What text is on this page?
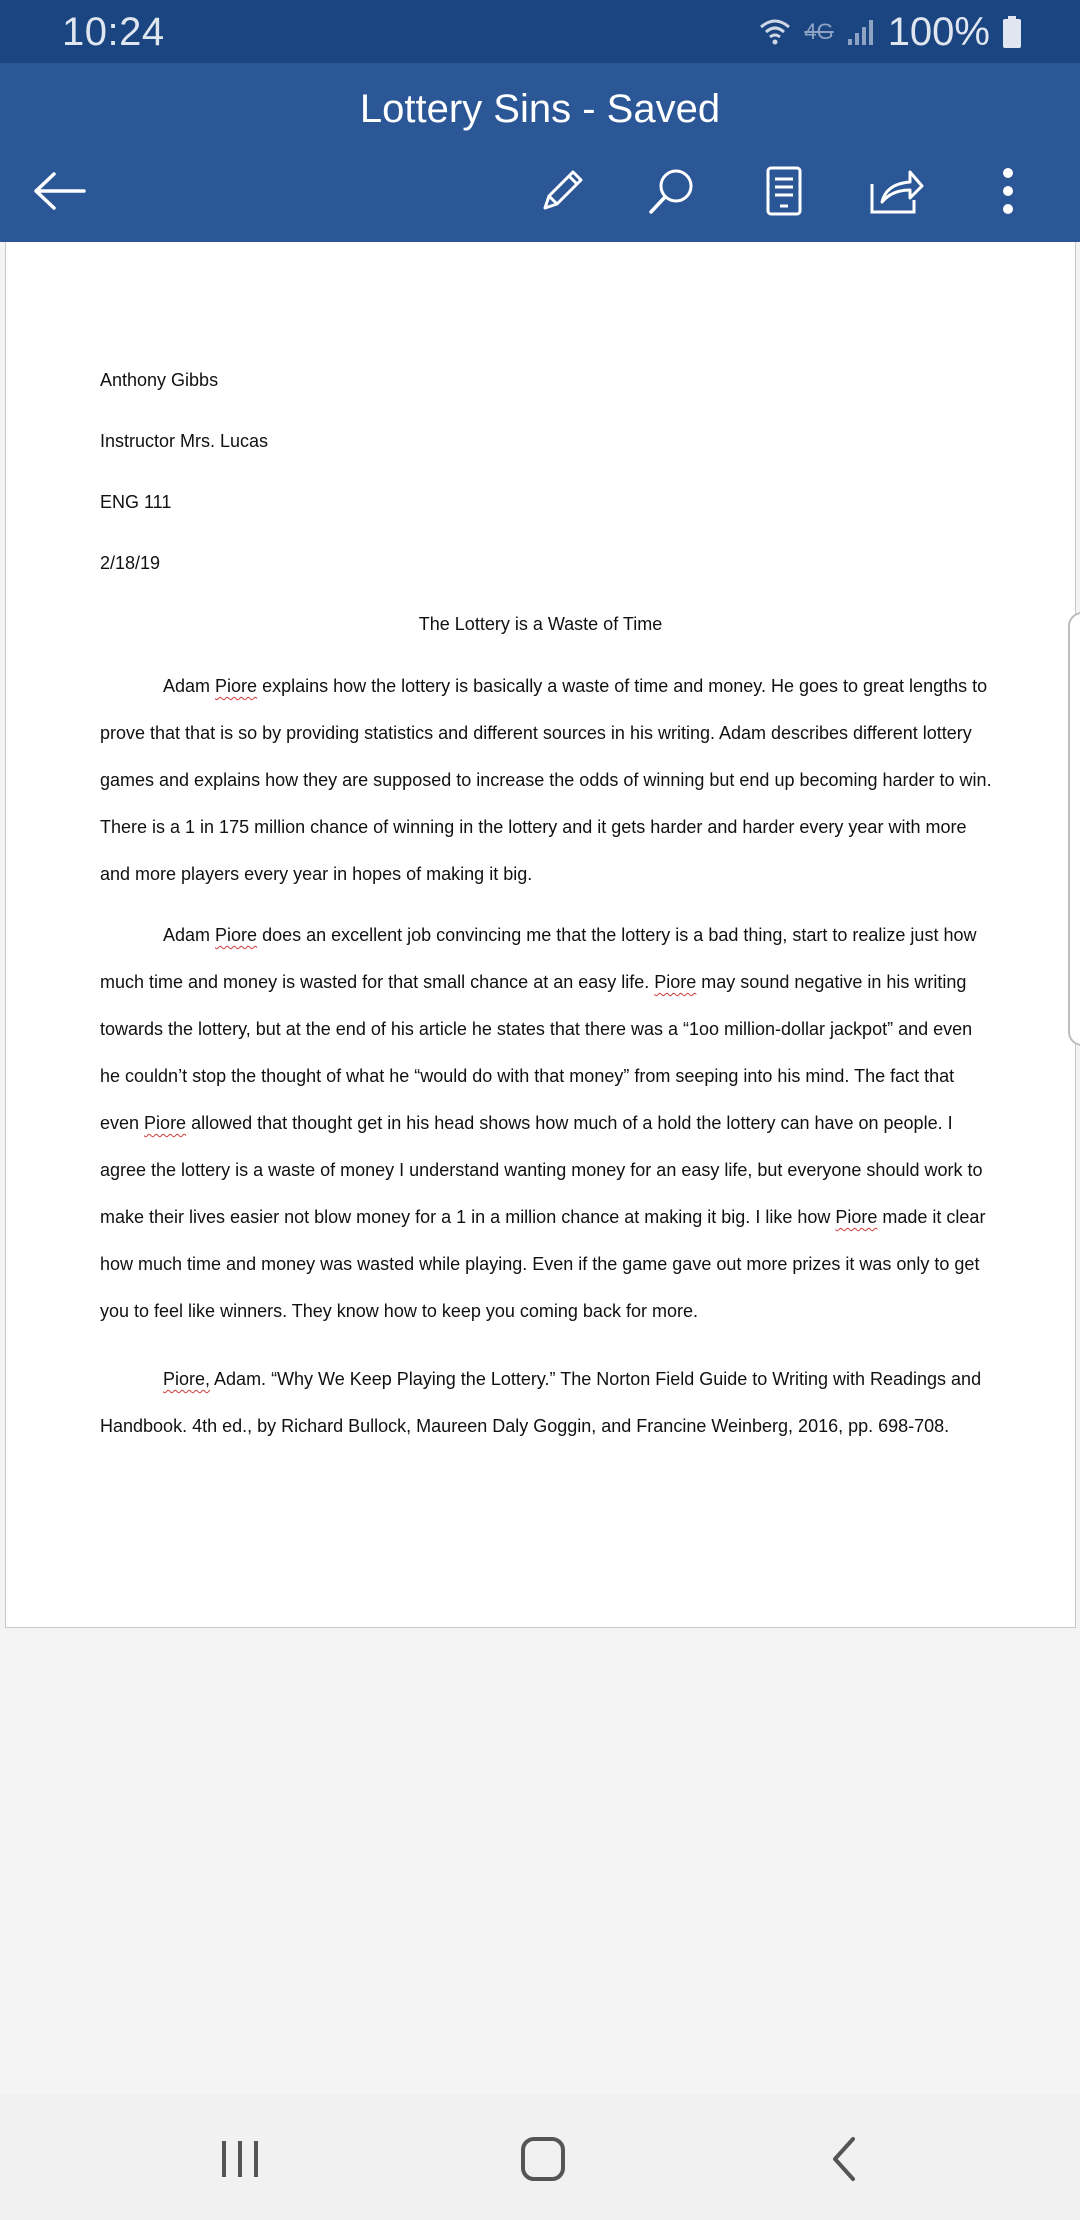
10:24	4G 100%
Lottery Sins - Saved
Anthony Gibbs
Instructor Mrs. Lucas
ENG 111
2/18/19
The Lottery is a Waste of Time
Adam Piore explains how the lottery is basically a waste of time and money. He goes to great lengths to
prove that that is so by providing statistics and different sources in his writing. Adam describes different lottery
games and explains how they are supposed to increase the odds of winning but end up becoming harder to win.
There is a 1 in 175 million chance of winning in the lottery and it gets harder and harder every year with more
and more players every year in hopes of making it big.
Adam Piore does an excellent job convincing me that the lottery is a bad thing, start to realize just how
much time and money is wasted for that small chance at an easy life. Piore may sound negative in his writing
towards the lottery, but at the end of his article he states that there was a “1oo million-dollar jackpot” and even
he couldn’t stop the thought of what he “would do with that money” from seeping into his mind. The fact that
even Piore allowed that thought get in his head shows how much of a hold the lottery can have on people. I
agree the lottery is a waste of money I understand wanting money for an easy life, but everyone should work to
make their lives easier not blow money for a 1 in a million chance at making it big. I like how Piore made it clear
how much time and money was wasted while playing. Even if the game gave out more prizes it was only to get
you to feel like winners. They know how to keep you coming back for more.
Piore, Adam. “Why We Keep Playing the Lottery.” The Norton Field Guide to Writing with Readings and
Handbook. 4th ed., by Richard Bullock, Maureen Daly Goggin, and Francine Weinberg, 2016, pp. 698-708.
